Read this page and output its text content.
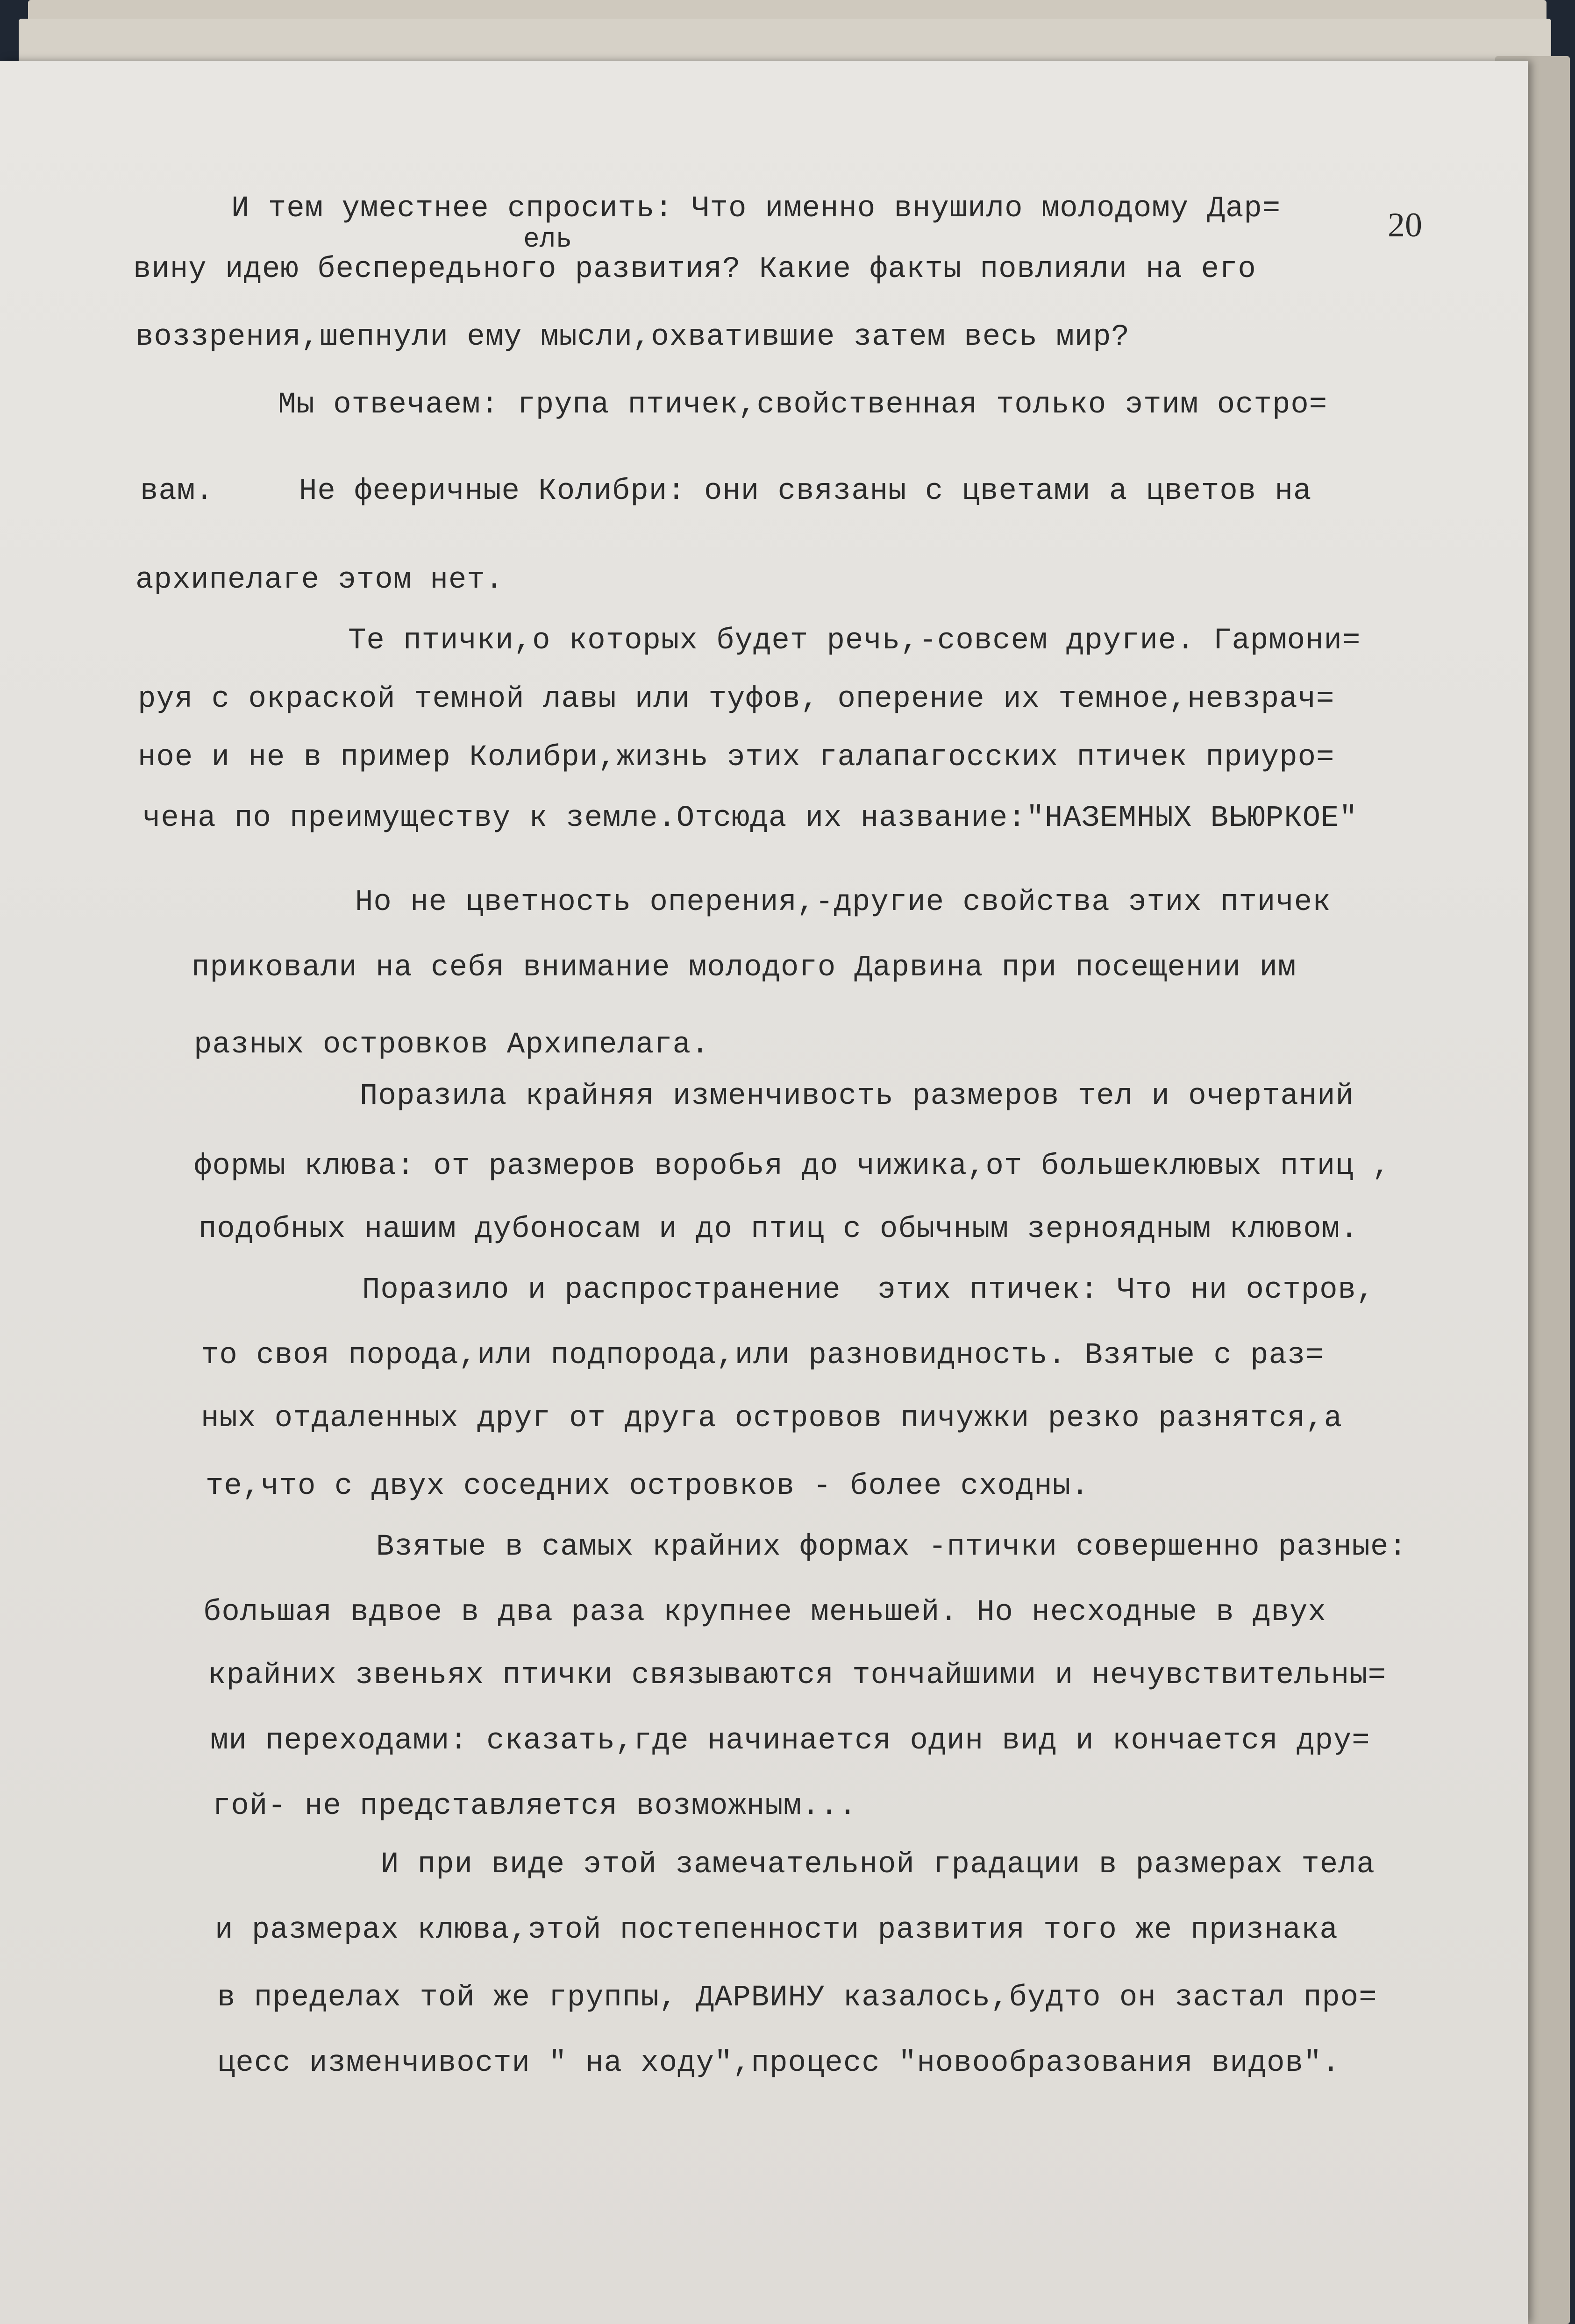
20
ель
И тем уместнее спросить: Что именно внушило молодому Дар=
вину идею беспередьного развития? Какие факты повлияли на его
воззрения,шепнули ему мысли,охватившие затем весь мир?
Мы отвечаем: група птичек,свойственная только этим остро=
вам.	Не феeричные Колибри: они связаны с цветами а цветов на
архипелаге этом нет.
Те птички,о которых будет речь,-совсем другие. Гармони=
руя с окраской темной лавы или туфов, оперение их темное,невзрач=
ное и не в пример Колибри,жизнь этих галапагосских птичек приуро=
чена по преимуществу к земле.Отсюда их название:"НАЗЕМНЫХ ВЬЮРКОЕ"
Но не цветность оперения,-другие свойства этих птичек
приковали на себя внимание молодого Дарвина при посещении им
разных островков Архипелага.
Поразила крайняя изменчивость размеров тел и очертаний
формы клюва: от размеров воробья до чижика,от большеклювых птиц ,
подобных нашим дубоносам и до птиц с обычным зерноядным клювом.
Поразило и распространение  этих птичек: Что ни остров,
то своя порода,или подпорода,или разновидность. Взятые с раз=
ных отдаленных друг от друга островов пичужки резко разнятся,а
те,что с двух соседних островков - более сходны.
Взятые в самых крайних формах -птички совершенно разные:
большая вдвое в два раза крупнее меньшей. Но несходные в двух
крайних звеньях птички связываются тончайшими и нечувствительны=
ми переходами: сказать,где начинается один вид и кончается дру=
гой- не представляется возможным...
И при виде этой замечательной градации в размерах тела
и размерах клюва,этой постепенности развития того же признака
в пределах той же группы, ДАРВИНУ казалось,будто он застал про=
цесс изменчивости " на ходу",процесс "новообразования видов".
